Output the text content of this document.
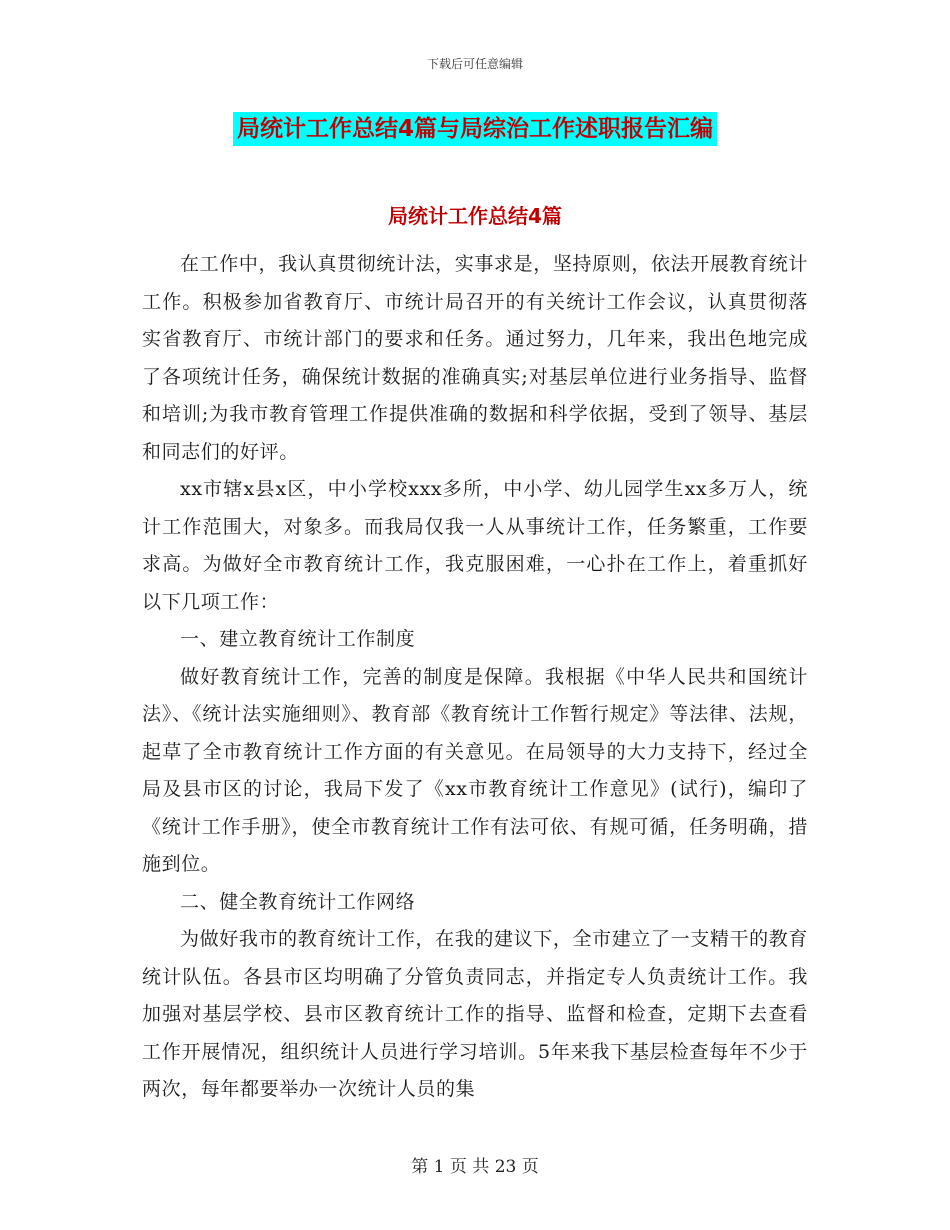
下载后可任意编辑
局统计工作总结4篇与局综治工作述职报告汇编
局统计工作总结4篇

在工作中，我认真贯彻统计法，实事求是，坚持原则，依法开展教育统计工作。积极参加省教育厅、市统计局召开的有关统计工作会议，认真贯彻落实省教育厅、市统计部门的要求和任务。通过努力，几年来，我出色地完成了各项统计任务，确保统计数据的准确真实;对基层单位进行业务指导、监督和培训;为我市教育管理工作提供准确的数据和科学依据，受到了领导、基层和同志们的好评。

xx市辖x县x区，中小学校xxx多所，中小学、幼儿园学生xx多万人，统计工作范围大，对象多。而我局仅我一人从事统计工作，任务繁重，工作要求高。为做好全市教育统计工作，我克服困难，一心扑在工作上，着重抓好以下几项工作：

一、建立教育统计工作制度

做好教育统计工作，完善的制度是保障。我根据《中华人民共和国统计法》、《统计法实施细则》、教育部《教育统计工作暂行规定》等法律、法规，起草了全市教育统计工作方面的有关意见。在局领导的大力支持下，经过全局及县市区的讨论，我局下发了《xx市教育统计工作意见》(试行)，编印了《统计工作手册》，使全市教育统计工作有法可依、有规可循，任务明确，措施到位。

二、健全教育统计工作网络

为做好我市的教育统计工作，在我的建议下，全市建立了一支精干的教育统计队伍。各县市区均明确了分管负责同志，并指定专人负责统计工作。我加强对基层学校、县市区教育统计工作的指导、监督和检查，定期下去查看工作开展情况，组织统计人员进行学习培训。5年来我下基层检查每年不少于两次，每年都要举办一次统计人员的集

第 1 页 共 23 页
